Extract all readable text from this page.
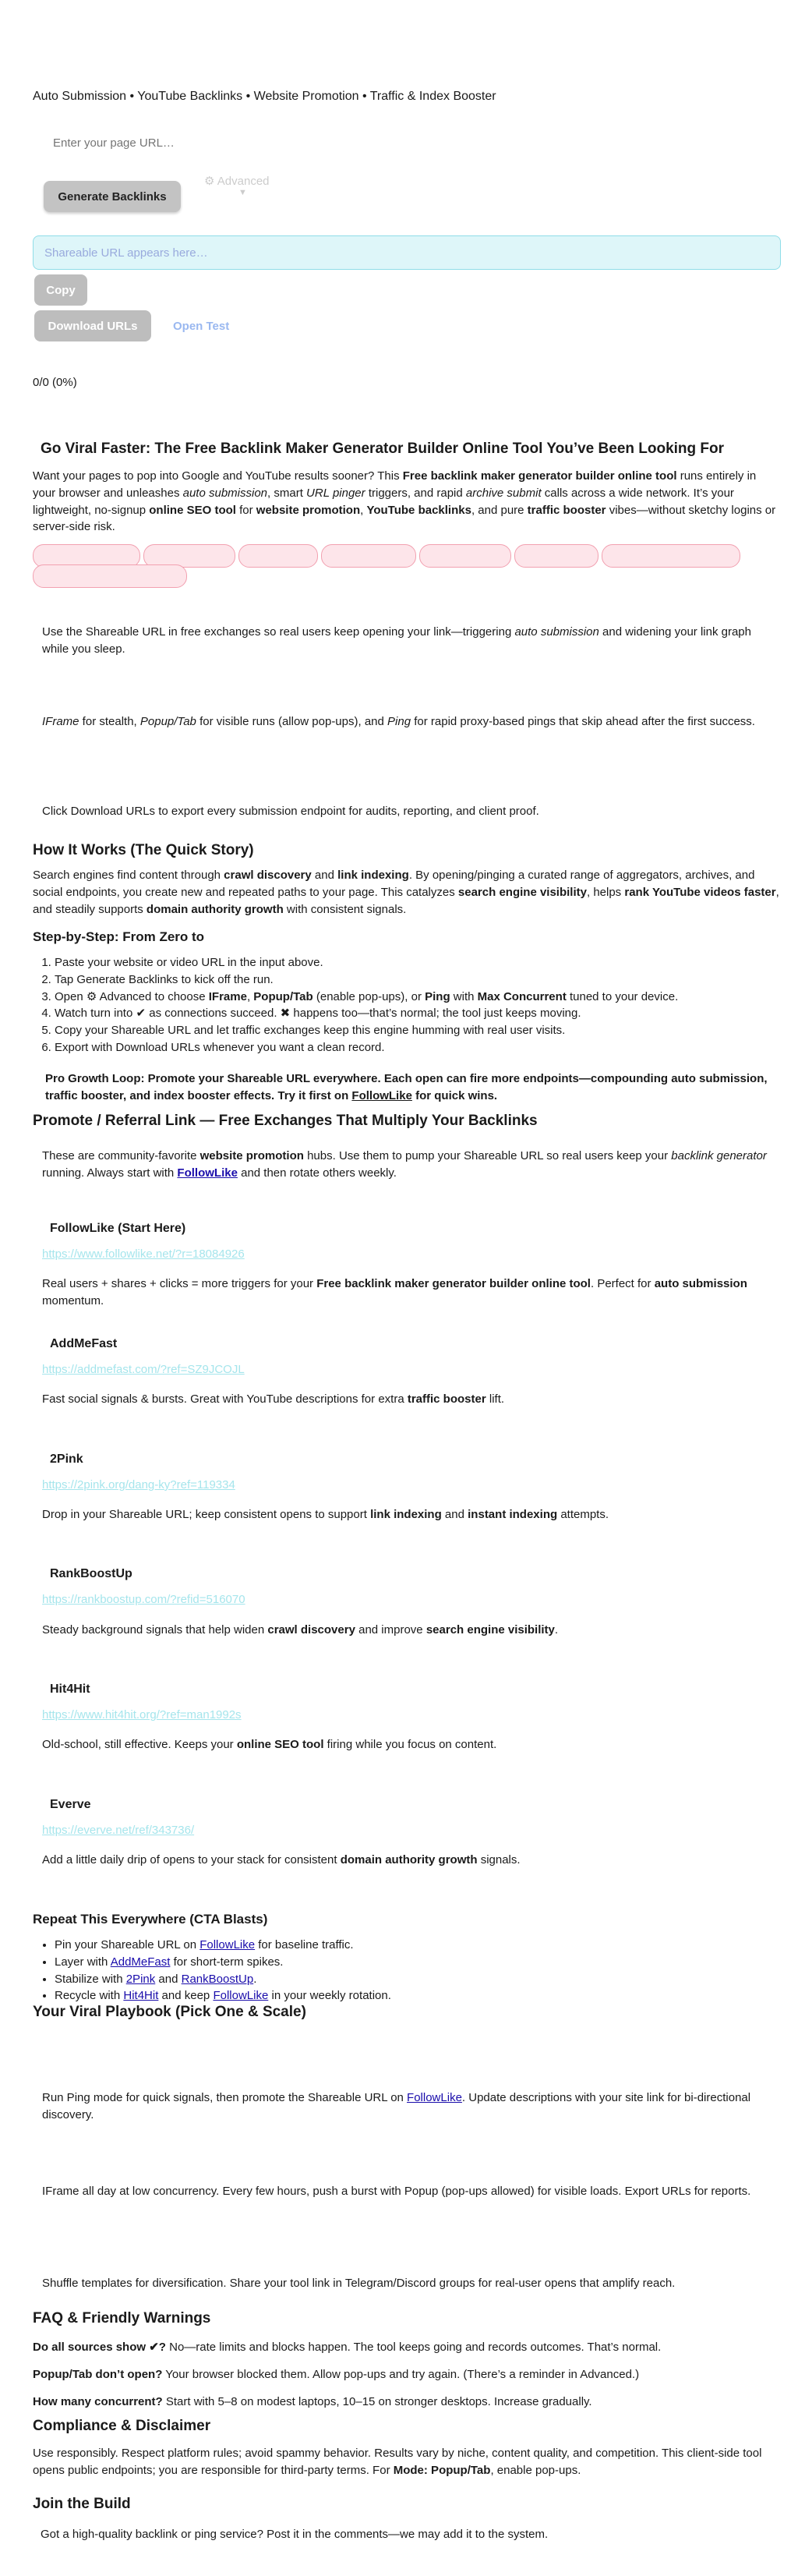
Auto Submission • YouTube Backlinks • Website Promotion • Traffic & Index Booster

Enter your page URL…
Generate Backlinks
⚙ Advanced
▼
Shareable URL appears here…
Copy
Download URLs	Open Test

0/0 (0%)

Go Viral Faster: The Free Backlink Maker Generator Builder Online Tool You’ve Been Looking For

Want your pages to pop into Google and YouTube results sooner? This Free backlink maker generator builder online tool runs entirely in your browser and unleashes auto submission, smart URL pinger triggers, and rapid archive submit calls across a wide network. It’s your lightweight, no-signup online SEO tool for website promotion, YouTube backlinks, and pure traffic booster vibes—without sketchy logins or server-side risk.

Use the Shareable URL in free exchanges so real users keep opening your link—triggering auto submission and widening your link graph while you sleep.

IFrame for stealth, Popup/Tab for visible runs (allow pop-ups), and Ping for rapid proxy-based pings that skip ahead after the first success.

Click Download URLs to export every submission endpoint for audits, reporting, and client proof.

How It Works (The Quick Story)

Search engines find content through crawl discovery and link indexing. By opening/pinging a curated range of aggregators, archives, and social endpoints, you create new and repeated paths to your page. This catalyzes search engine visibility, helps rank YouTube videos faster, and steadily supports domain authority growth with consistent signals.

Step-by-Step: From Zero to
1. Paste your website or video URL in the input above.
2. Tap Generate Backlinks to kick off the run.
3. Open ⚙ Advanced to choose IFrame, Popup/Tab (enable pop-ups), or Ping with Max Concurrent tuned to your device.
4. Watch turn into ✔ as connections succeed. ✖ happens too—that’s normal; the tool just keeps moving.
5. Copy your Shareable URL and let traffic exchanges keep this engine humming with real user visits.
6. Export with Download URLs whenever you want a clean record.

Pro Growth Loop: Promote your Shareable URL everywhere. Each open can fire more endpoints—compounding auto submission, traffic booster, and index booster effects. Try it first on FollowLike for quick wins.

Promote / Referral Link — Free Exchanges That Multiply Your Backlinks

These are community-favorite website promotion hubs. Use them to pump your Shareable URL so real users keep your backlink generator running. Always start with FollowLike and then rotate others weekly.

FollowLike (Start Here)
https://www.followlike.net/?r=18084926

Real users + shares + clicks = more triggers for your Free backlink maker generator builder online tool. Perfect for auto submission momentum.

AddMeFast
https://addmefast.com/?ref=SZ9JCOJL

Fast social signals & bursts. Great with YouTube descriptions for extra traffic booster lift.

2Pink
https://2pink.org/dang-ky?ref=119334

Drop in your Shareable URL; keep consistent opens to support link indexing and instant indexing attempts.

RankBoostUp
https://rankboostup.com/?refid=516070

Steady background signals that help widen crawl discovery and improve search engine visibility.

Hit4Hit
https://www.hit4hit.org/?ref=man1992s

Old-school, still effective. Keeps your online SEO tool firing while you focus on content.

Everve
https://everve.net/ref/343736/

Add a little daily drip of opens to your stack for consistent domain authority growth signals.

Repeat This Everywhere (CTA Blasts)
• Pin your Shareable URL on FollowLike for baseline traffic.
• Layer with AddMeFast for short-term spikes.
• Stabilize with 2Pink and RankBoostUp.
• Recycle with Hit4Hit and keep FollowLike in your weekly rotation.
Your Viral Playbook (Pick One & Scale)

Run Ping mode for quick signals, then promote the Shareable URL on FollowLike. Update descriptions with your site link for bi-directional discovery.

IFrame all day at low concurrency. Every few hours, push a burst with Popup (pop-ups allowed) for visible loads. Export URLs for reports.

Shuffle templates for diversification. Share your tool link in Telegram/Discord groups for real-user opens that amplify reach.

FAQ & Friendly Warnings

Do all sources show ✔? No—rate limits and blocks happen. The tool keeps going and records outcomes. That’s normal.

Popup/Tab don’t open? Your browser blocked them. Allow pop-ups and try again. (There’s a reminder in Advanced.)

How many concurrent? Start with 5–8 on modest laptops, 10–15 on stronger desktops. Increase gradually.

Compliance & Disclaimer

Use responsibly. Respect platform rules; avoid spammy behavior. Results vary by niche, content quality, and competition. This client-side tool opens public endpoints; you are responsible for third-party terms. For Mode: Popup/Tab, enable pop-ups.

Join the Build

Got a high-quality backlink or ping service? Post it in the comments—we may add it to the system.
